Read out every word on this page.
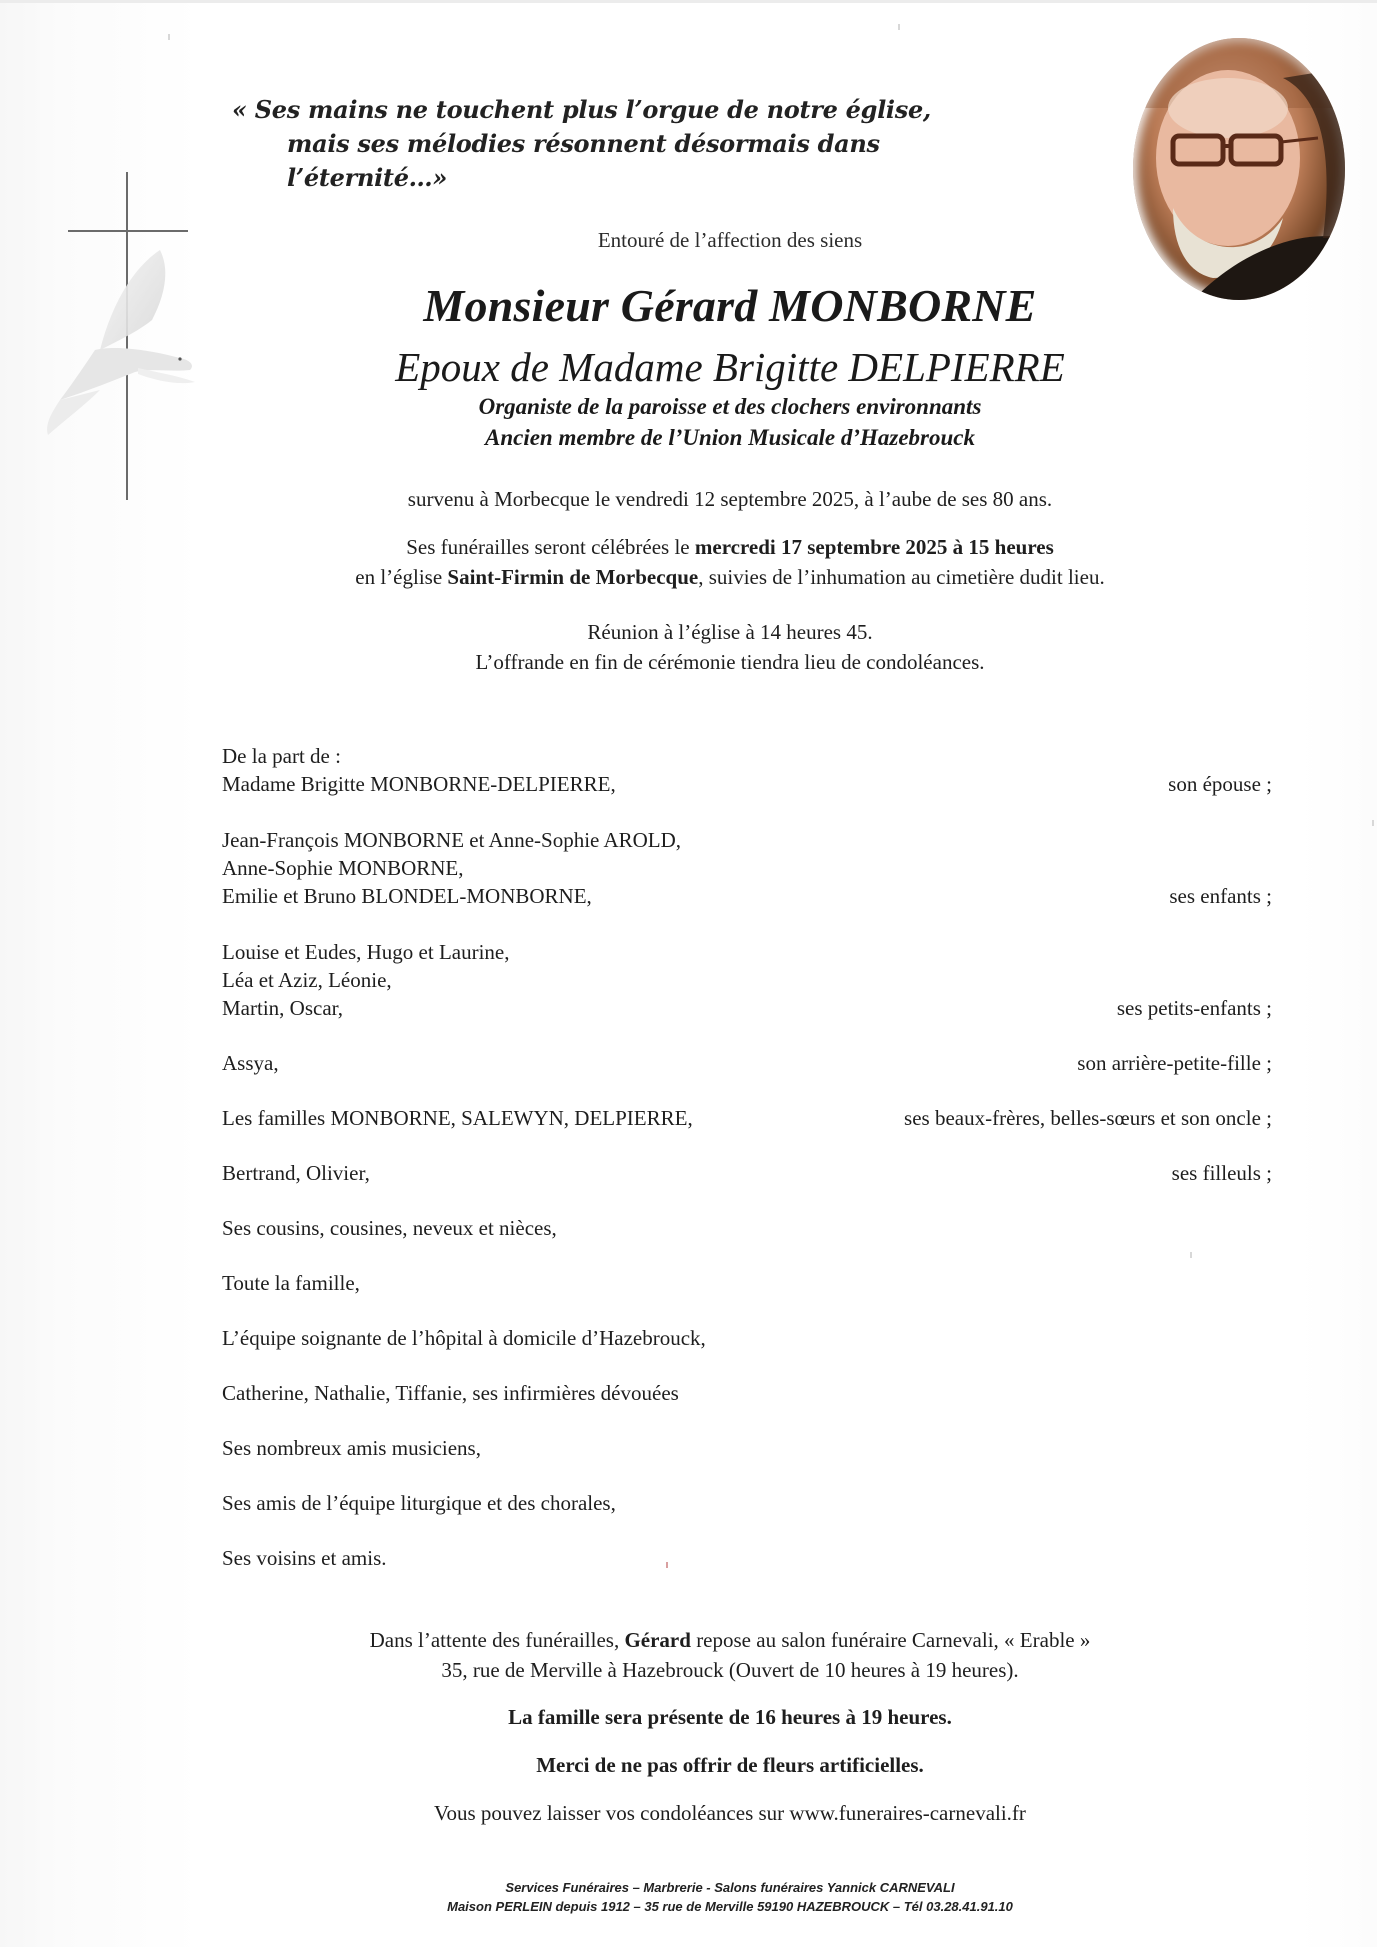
« Ses mains ne touchent plus l’orgue de notre église,

mais ses mélodies résonnent désormais dans l’éternité…»
Entouré de l’affection des siens
Monsieur Gérard MONBORNE
Epoux de Madame Brigitte DELPIERRE
Organiste de la paroisse et des clochers environnants
Ancien membre de l’Union Musicale d’Hazebrouck
survenu à Morbecque le vendredi 12 septembre 2025, à l’aube de ses 80 ans.
Ses funérailles seront célébrées le mercredi 17 septembre 2025 à 15 heures
en l’église Saint-Firmin de Morbecque, suivies de l’inhumation au cimetière dudit lieu.
Réunion à l’église à 14 heures 45.
L’offrande en fin de cérémonie tiendra lieu de condoléances.
De la part de :
Madame Brigitte MONBORNE-DELPIERRE,	son épouse ;
Jean-François MONBORNE et Anne-Sophie AROLD,
Anne-Sophie MONBORNE,
Emilie et Bruno BLONDEL-MONBORNE,	ses enfants ;
Louise et Eudes, Hugo et Laurine,
Léa et Aziz, Léonie,
Martin, Oscar,	ses petits-enfants ;
Assya,	son arrière-petite-fille ;
Les familles MONBORNE, SALEWYN, DELPIERRE,	ses beaux-frères, belles-sœurs et son oncle ;
Bertrand, Olivier,	ses filleuls ;
Ses cousins, cousines, neveux et nièces,
Toute la famille,
L’équipe soignante de l’hôpital à domicile d’Hazebrouck,
Catherine, Nathalie, Tiffanie, ses infirmières dévouées
Ses nombreux amis musiciens,
Ses amis de l’équipe liturgique et des chorales,
Ses voisins et amis.
Dans l’attente des funérailles, Gérard repose au salon funéraire Carnevali, « Erable »
35, rue de Merville à Hazebrouck (Ouvert de 10 heures à 19 heures).
La famille sera présente de 16 heures à 19 heures.
Merci de ne pas offrir de fleurs artificielles.
Vous pouvez laisser vos condoléances sur www.funeraires-carnevali.fr
Services Funéraires – Marbrerie - Salons funéraires Yannick CARNEVALI
Maison PERLEIN depuis 1912 – 35 rue de Merville 59190 HAZEBROUCK – Tél 03.28.41.91.10
